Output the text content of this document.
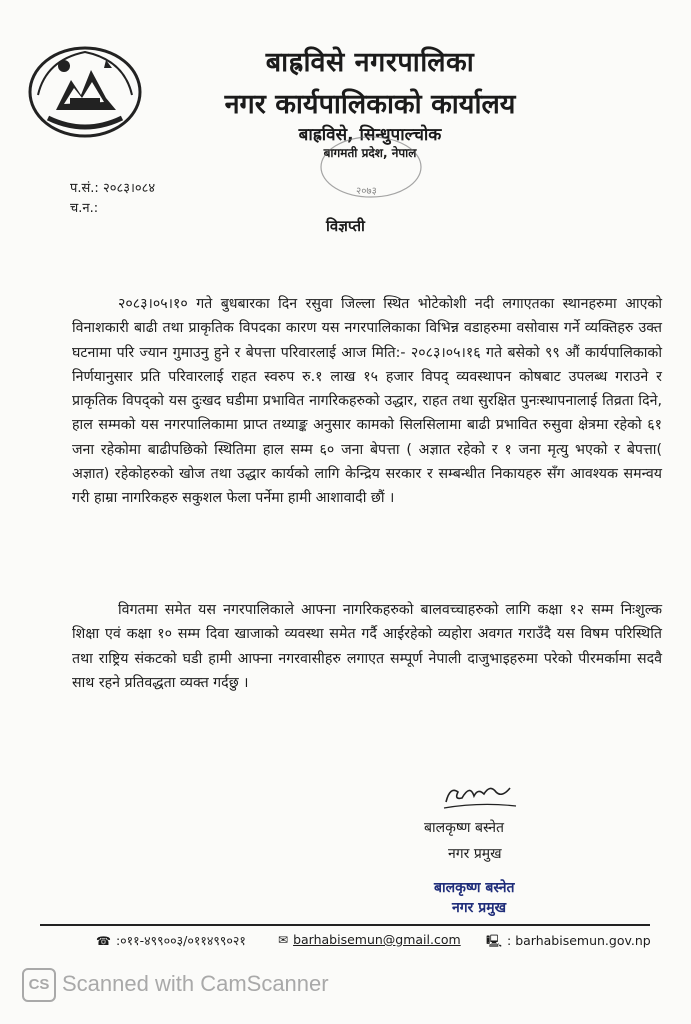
बाह्रविसे नगरपालिका
नगर कार्यपालिकाको कार्यालय
बाह्रविसे, सिन्धुपाल्चोक
बागमती प्रदेश, नेपाल
२०७३
प.सं.: २०८३।०८४
च.न.:
विज्ञप्ती
२०८३।०५।१० गते बुधबारका दिन रसुवा जिल्ला स्थित भोटेकोशी नदी लगाएतका स्थानहरुमा आएको विनाशकारी बाढी तथा प्राकृतिक विपदका कारण यस नगरपालिकाका विभिन्न वडाहरुमा वसोवास गर्ने व्यक्तिहरु उक्त घटनामा परि ज्यान गुमाउनु हुने र बेपत्ता परिवारलाई आज मिति:- २०८३।०५।१६ गते बसेको ९९ औं कार्यपालिकाको निर्णयानुसार प्रति परिवारलाई राहत स्वरुप रु.१ लाख १५ हजार विपद् व्यवस्थापन कोषबाट उपलब्ध गराउने र प्राकृतिक विपद्को यस दुःखद घडीमा प्रभावित नागरिकहरुको उद्धार, राहत तथा सुरक्षित पुनःस्थापनालाई तिव्रता दिने, हाल सम्मको यस नगरपालिकामा प्राप्त तथ्याङ्क अनुसार कामको सिलसिलामा बाढी प्रभावित रुसुवा क्षेत्रमा रहेको ६१ जना रहेकोमा बाढीपछिको स्थितिमा हाल सम्म ६० जना बेपत्ता ( अज्ञात रहेको र १ जना मृत्यु भएको र बेपत्ता( अज्ञात) रहेकोहरुको खोज तथा उद्धार कार्यको लागि केन्द्रिय सरकार र सम्बन्धीत निकायहरु सँग आवश्यक समन्वय गरी हाम्रा नागरिकहरु सकुशल फेला पर्नेमा हामी आशावादी छौं ।
विगतमा समेत यस नगरपालिकाले आफ्ना नागरिकहरुको बालवच्चाहरुको लागि कक्षा १२ सम्म निःशुल्क शिक्षा एवं कक्षा १० सम्म दिवा खाजाको व्यवस्था समेत गर्दै आईरहेको व्यहोरा अवगत गराउँदै यस विषम परिस्थिति तथा राष्ट्रिय संकटको घडी हामी आफ्ना नगरवासीहरु लगाएत सम्पूर्ण नेपाली दाजुभाइहरुमा परेको पीरमर्कामा सदवै साथ रहने प्रतिवद्धता व्यक्त गर्दछु ।
बालकृष्ण बस्नेत
नगर प्रमुख
बालकृष्ण बस्नेत
नगर प्रमुख
☎ :०११-४९९००३/०११४९९०२१	✉ barhabisemun@gmail.com 🖳 : barhabisemun.gov.np
CS Scanned with CamScanner
